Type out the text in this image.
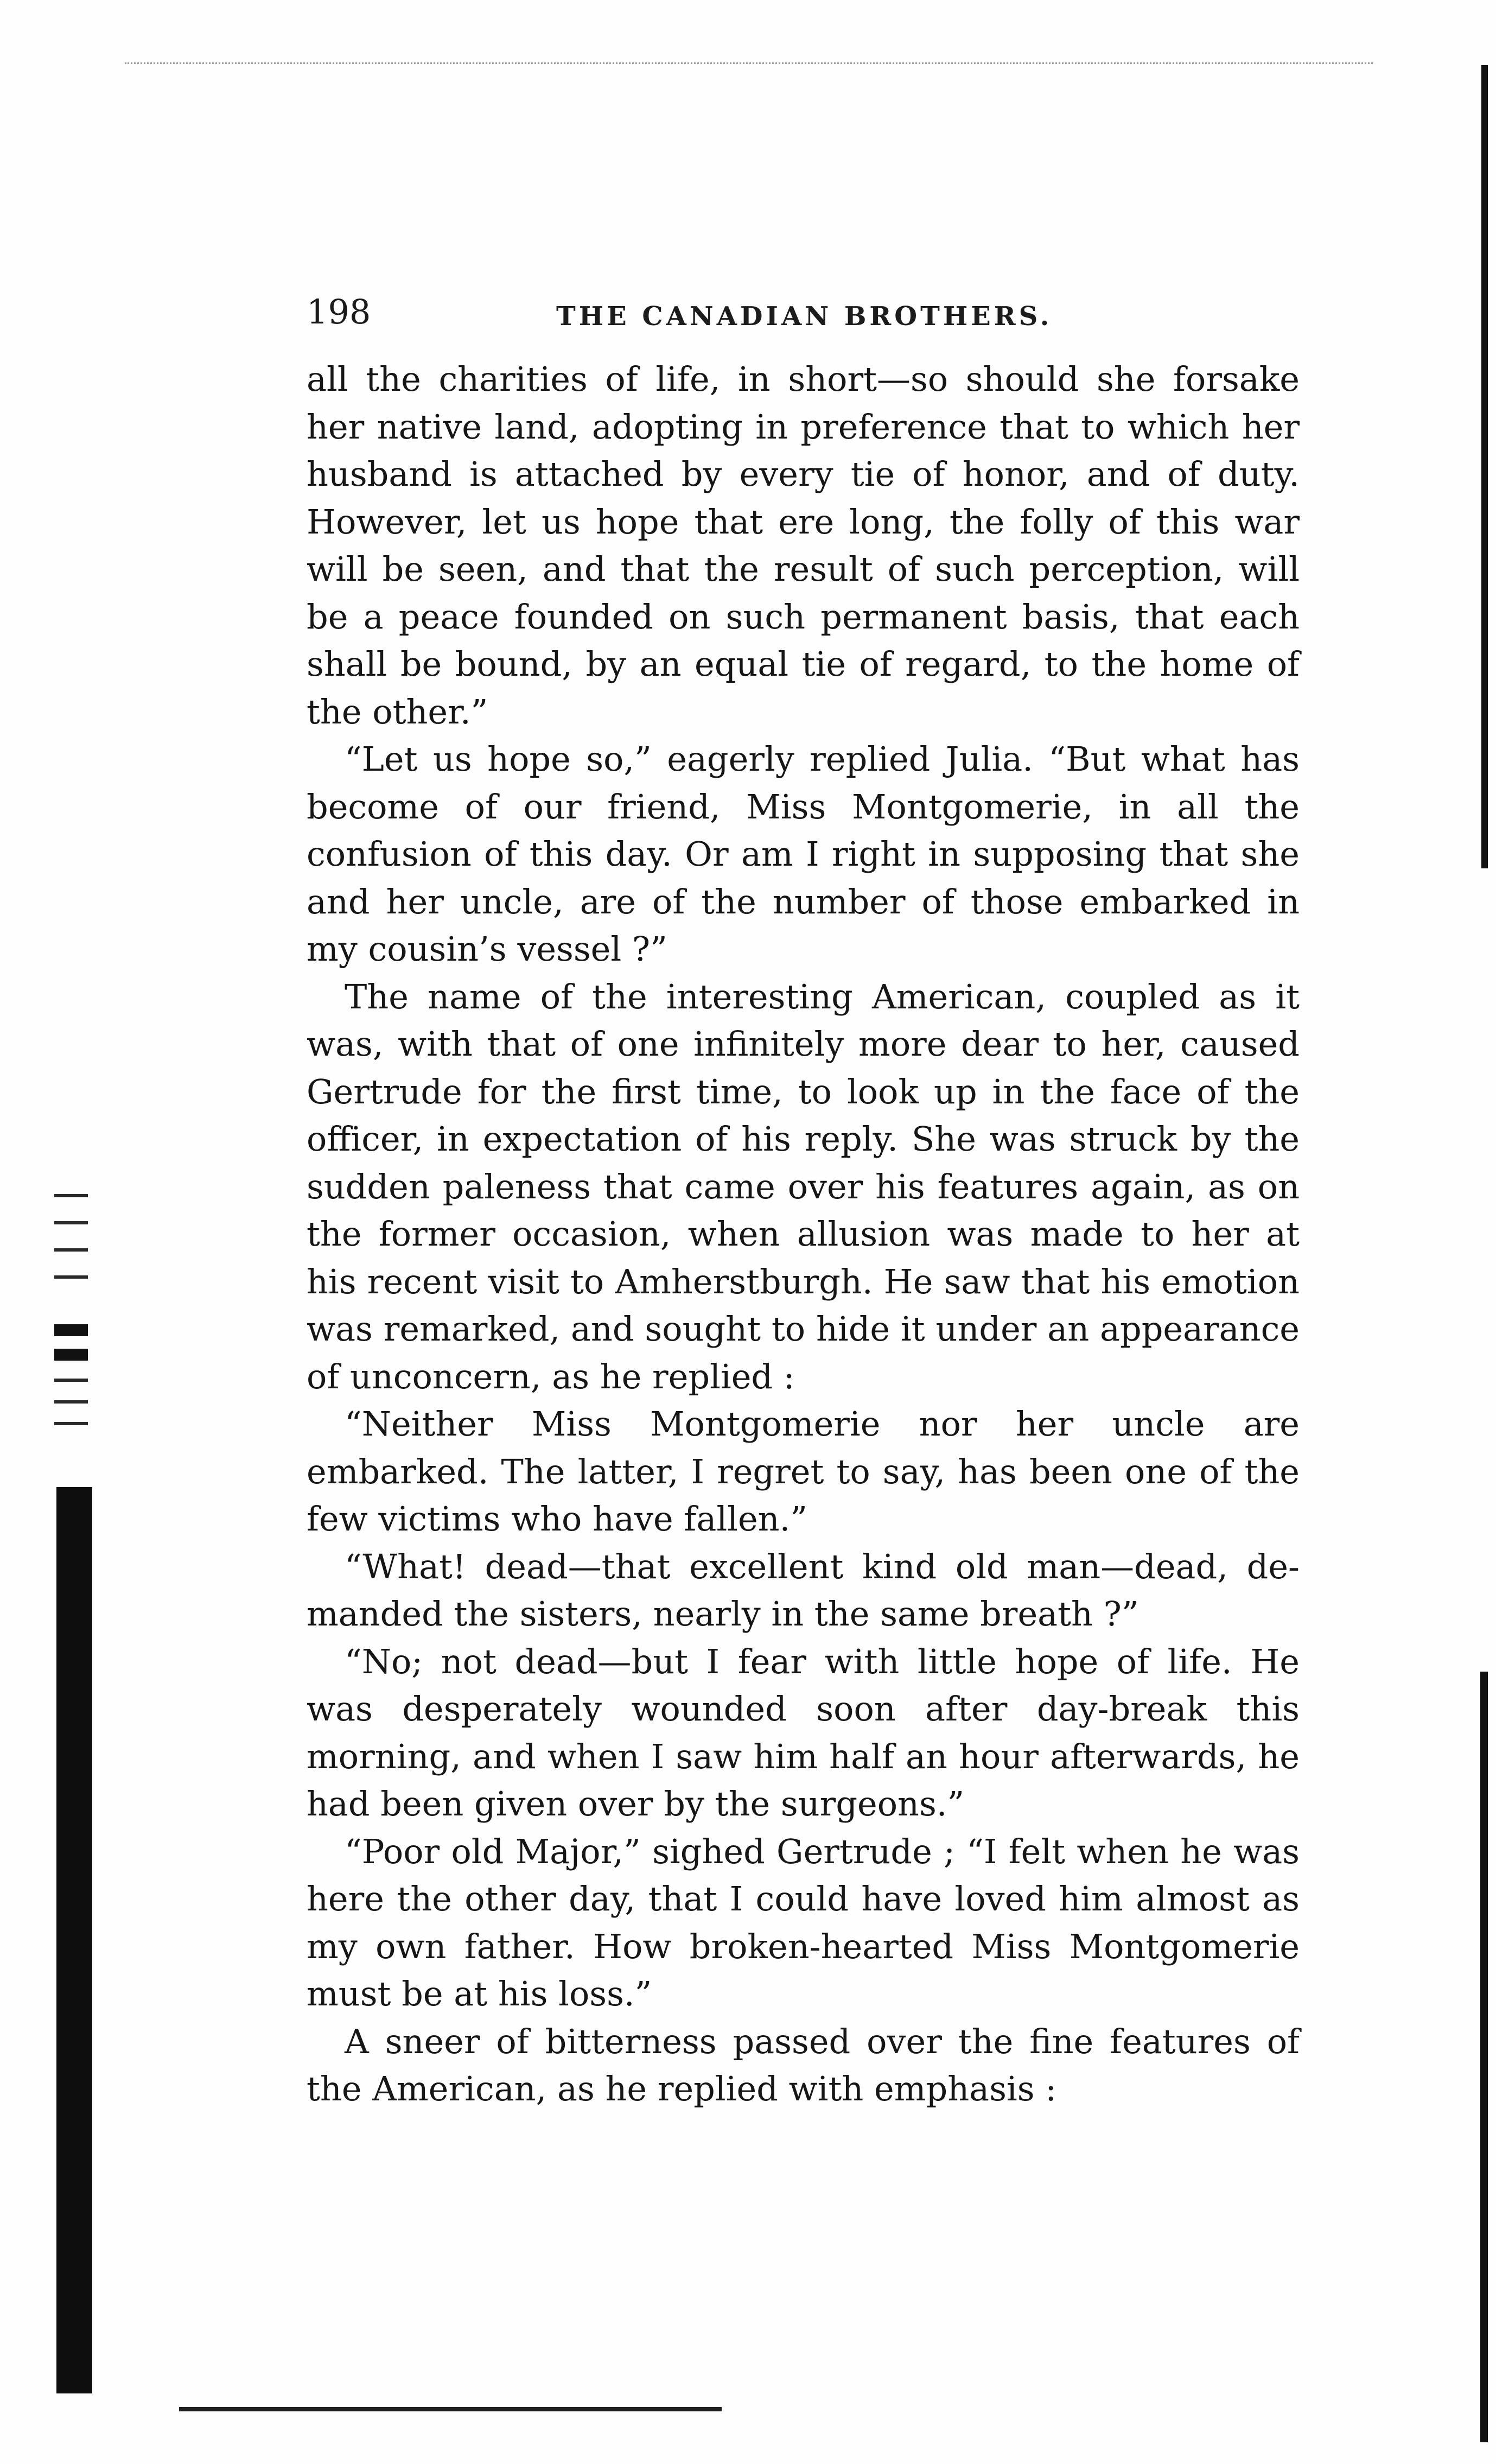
198	THE CANADIAN BROTHERS.

all the charities of life, in short—so should she forsake her native land, adopting in preference that to which her husband is attached by every tie of honor, and of duty. However, let us hope that ere long, the folly of this war will be seen, and that the result of such perception, will be a peace founded on such permanent basis, that each shall be bound, by an equal tie of regard, to the home of the other.”

“Let us hope so,” eagerly replied Julia. “But what has become of our friend, Miss Montgomerie, in all the confusion of this day. Or am I right in supposing that she and her uncle, are of the number of those embarked in my cousin’s vessel ?”

The name of the interesting American, coupled as it was, with that of one infinitely more dear to her, caused Gertrude for the first time, to look up in the face of the officer, in expectation of his reply. She was struck by the sudden paleness that came over his features again, as on the former occasion, when allusion was made to her at his recent visit to Amherstburgh. He saw that his emotion was remarked, and sought to hide it under an appearance of unconcern, as he replied :

“Neither Miss Montgomerie nor her uncle are embarked. The latter, I regret to say, has been one of the few victims who have fallen.”

“What! dead—that excellent kind old man—dead, demanded the sisters, nearly in the same breath ?”

“No; not dead—but I fear with little hope of life. He was desperately wounded soon after day-break this morning, and when I saw him half an hour afterwards, he had been given over by the surgeons.”

“Poor old Major,” sighed Gertrude ; “I felt when he was here the other day, that I could have loved him almost as my own father. How broken-hearted Miss Montgomerie must be at his loss.”

A sneer of bitterness passed over the fine features of the American, as he replied with emphasis :
